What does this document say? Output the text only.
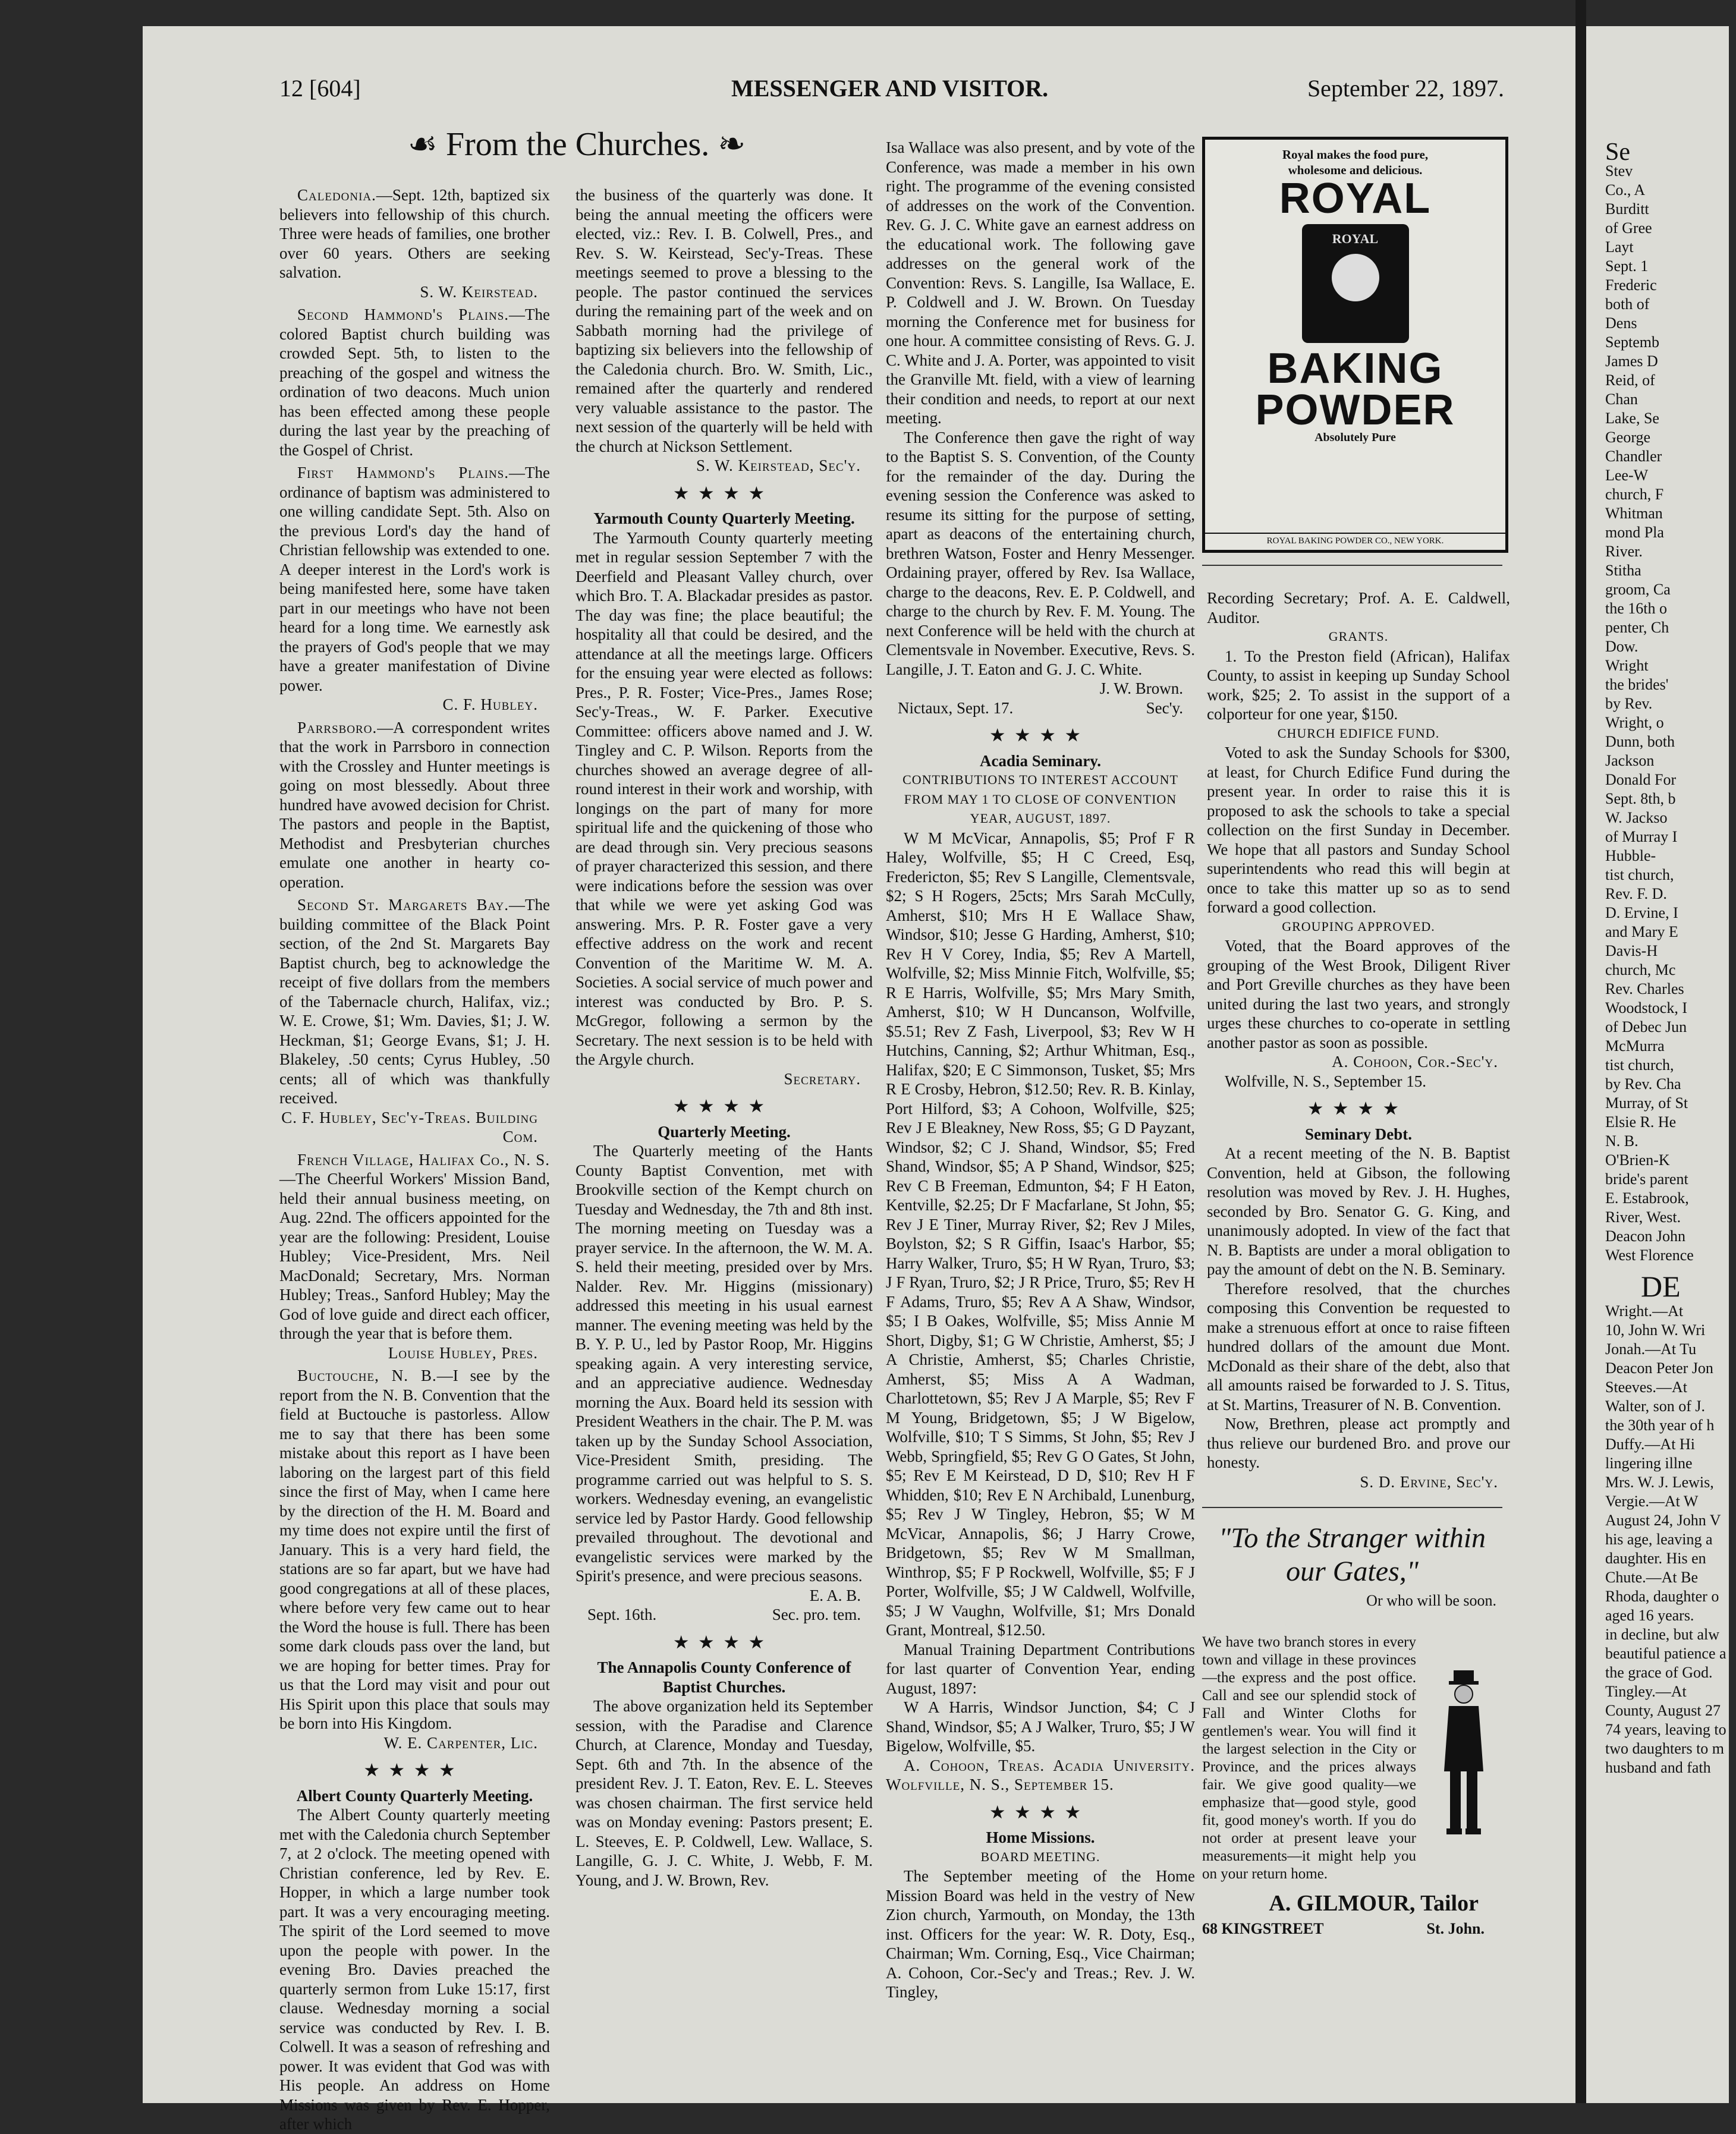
12 [604]	MESSENGER AND VISITOR.	September 22, 1897.
☙ From the Churches. ❧

Caledonia.—Sept. 12th, baptized six believers into fellowship of this church. Three were heads of families, one brother over 60 years. Others are seeking salvation.

S. W. Keirstead.

Second Hammond's Plains.—The colored Baptist church building was crowded Sept. 5th, to listen to the preaching of the gospel and witness the ordination of two deacons. Much union has been effected among these people during the last year by the preaching of the Gospel of Christ.

First Hammond's Plains.—The ordinance of baptism was administered to one willing candidate Sept. 5th. Also on the previous Lord's day the hand of Christian fellowship was extended to one. A deeper interest in the Lord's work is being manifested here, some have taken part in our meetings who have not been heard for a long time. We earnestly ask the prayers of God's people that we may have a greater manifestation of Divine power.

C. F. Hubley.

Parrsboro.—A correspondent writes that the work in Parrsboro in connection with the Crossley and Hunter meetings is going on most blessedly. About three hundred have avowed decision for Christ. The pastors and people in the Baptist, Methodist and Presbyterian churches emulate one another in hearty co-operation.

Second St. Margarets Bay.—The building committee of the Black Point section, of the 2nd St. Margarets Bay Baptist church, beg to acknowledge the receipt of five dollars from the members of the Tabernacle church, Halifax, viz.; W. E. Crowe, $1; Wm. Davies, $1; J. W. Heckman, $1; George Evans, $1; J. H. Blakeley, .50 cents; Cyrus Hubley, .50 cents; all of which was thankfully received.

C. F. Hubley, Sec'y-Treas. Building Com.

French Village, Halifax Co., N. S.—The Cheerful Workers' Mission Band, held their annual business meeting, on Aug. 22nd. The officers appointed for the year are the following: President, Louise Hubley; Vice-President, Mrs. Neil MacDonald; Secretary, Mrs. Norman Hubley; Treas., Sanford Hubley; May the God of love guide and direct each officer, through the year that is before them.

Louise Hubley, Pres.

Buctouche, N. B.—I see by the report from the N. B. Convention that the field at Buctouche is pastorless. Allow me to say that there has been some mistake about this report as I have been laboring on the largest part of this field since the first of May, when I came here by the direction of the H. M. Board and my time does not expire until the first of January. This is a very hard field, the stations are so far apart, but we have had good congregations at all of these places, where before very few came out to hear the Word the house is full. There has been some dark clouds pass over the land, but we are hoping for better times. Pray for us that the Lord may visit and pour out His Spirit upon this place that souls may be born into His Kingdom.

W. E. Carpenter, Lic.
★★★★

Albert County Quarterly Meeting.

The Albert County quarterly meeting met with the Caledonia church September 7, at 2 o'clock. The meeting opened with Christian conference, led by Rev. E. Hopper, in which a large number took part. It was a very encouraging meeting. The spirit of the Lord seemed to move upon the people with power. In the evening Bro. Davies preached the quarterly sermon from Luke 15:17, first clause. Wednesday morning a social service was conducted by Rev. I. B. Colwell. It was a season of refreshing and power. It was evident that God was with His people. An address on Home Missions was given by Rev. E. Hopper, after which

the business of the quarterly was done. It being the annual meeting the officers were elected, viz.: Rev. I. B. Colwell, Pres., and Rev. S. W. Keirstead, Sec'y-Treas. These meetings seemed to prove a blessing to the people. The pastor continued the services during the remaining part of the week and on Sabbath morning had the privilege of baptizing six believers into the fellowship of the Caledonia church. Bro. W. Smith, Lic., remained after the quarterly and rendered very valuable assistance to the pastor. The next session of the quarterly will be held with the church at Nickson Settlement.

S. W. Keirstead, Sec'y.
★★★★

Yarmouth County Quarterly Meeting.

The Yarmouth County quarterly meeting met in regular session September 7 with the Deerfield and Pleasant Valley church, over which Bro. T. A. Blackadar presides as pastor. The day was fine; the place beautiful; the hospitality all that could be desired, and the attendance at all the meetings large. Officers for the ensuing year were elected as follows: Pres., P. R. Foster; Vice-Pres., James Rose; Sec'y-Treas., W. F. Parker. Executive Committee: officers above named and J. W. Tingley and C. P. Wilson. Reports from the churches showed an average degree of all-round interest in their work and worship, with longings on the part of many for more spiritual life and the quickening of those who are dead through sin. Very precious seasons of prayer characterized this session, and there were indications before the session was over that while we were yet asking God was answering. Mrs. P. R. Foster gave a very effective address on the work and recent Convention of the Maritime W. M. A. Societies. A social service of much power and interest was conducted by Bro. P. S. McGregor, following a sermon by the Secretary. The next session is to be held with the Argyle church.

Secretary.
★★★★

Quarterly Meeting.

The Quarterly meeting of the Hants County Baptist Convention, met with Brookville section of the Kempt church on Tuesday and Wednesday, the 7th and 8th inst. The morning meeting on Tuesday was a prayer service. In the afternoon, the W. M. A. S. held their meeting, presided over by Mrs. Nalder. Rev. Mr. Higgins (missionary) addressed this meeting in his usual earnest manner. The evening meeting was held by the B. Y. P. U., led by Pastor Roop, Mr. Higgins speaking again. A very interesting service, and an appreciative audience. Wednesday morning the Aux. Board held its session with President Weathers in the chair. The P. M. was taken up by the Sunday School Association, Vice-President Smith, presiding. The programme carried out was helpful to S. S. workers. Wednesday evening, an evangelistic service led by Pastor Hardy. Good fellowship prevailed throughout. The devotional and evangelistic services were marked by the Spirit's presence, and were precious seasons.

E. A. B.
Sept. 16th.	Sec. pro. tem.
★★★★

The Annapolis County Conference of Baptist Churches.

The above organization held its September session, with the Paradise and Clarence Church, at Clarence, Monday and Tuesday, Sept. 6th and 7th. In the absence of the president Rev. J. T. Eaton, Rev. E. L. Steeves was chosen chairman. The first service held was on Monday evening: Pastors present; E. L. Steeves, E. P. Coldwell, Lew. Wallace, S. Langille, G. J. C. White, J. Webb, F. M. Young, and J. W. Brown, Rev.

Isa Wallace was also present, and by vote of the Conference, was made a member in his own right. The programme of the evening consisted of addresses on the work of the Convention. Rev. G. J. C. White gave an earnest address on the educational work. The following gave addresses on the general work of the Convention: Revs. S. Langille, Isa Wallace, E. P. Coldwell and J. W. Brown. On Tuesday morning the Conference met for business for one hour. A committee consisting of Revs. G. J. C. White and J. A. Porter, was appointed to visit the Granville Mt. field, with a view of learning their condition and needs, to report at our next meeting.

The Conference then gave the right of way to the Baptist S. S. Convention, of the County for the remainder of the day. During the evening session the Conference was asked to resume its sitting for the purpose of setting, apart as deacons of the entertaining church, brethren Watson, Foster and Henry Messenger. Ordaining prayer, offered by Rev. Isa Wallace, charge to the deacons, Rev. E. P. Coldwell, and charge to the church by Rev. F. M. Young. The next Conference will be held with the church at Clementsvale in November. Executive, Revs. S. Langille, J. T. Eaton and G. J. C. White.

J. W. Brown.
Nictaux, Sept. 17.	Sec'y.
★★★★

Acadia Seminary.

CONTRIBUTIONS TO INTEREST ACCOUNT FROM MAY 1 TO CLOSE OF CONVENTION YEAR, AUGUST, 1897.

W M McVicar, Annapolis, $5; Prof F R Haley, Wolfville, $5; H C Creed, Esq, Fredericton, $5; Rev S Langille, Clementsvale, $2; S H Rogers, 25cts; Mrs Sarah McCully, Amherst, $10; Mrs H E Wallace Shaw, Windsor, $10; Jesse G Harding, Amherst, $10; Rev H V Corey, India, $5; Rev A Martell, Wolfville, $2; Miss Minnie Fitch, Wolfville, $5; R E Harris, Wolfville, $5; Mrs Mary Smith, Amherst, $10; W H Duncanson, Wolfville, $5.51; Rev Z Fash, Liverpool, $3; Rev W H Hutchins, Canning, $2; Arthur Whitman, Esq., Halifax, $20; E C Simmonson, Tusket, $5; Mrs R E Crosby, Hebron, $12.50; Rev. R. B. Kinlay, Port Hilford, $3; A Cohoon, Wolfville, $25; Rev J E Bleakney, New Ross, $5; G D Payzant, Windsor, $2; C J. Shand, Windsor, $5; Fred Shand, Windsor, $5; A P Shand, Windsor, $25; Rev C B Freeman, Edmunton, $4; F H Eaton, Kentville, $2.25; Dr F Macfarlane, St John, $5; Rev J E Tiner, Murray River, $2; Rev J Miles, Boylston, $2; S R Giffin, Isaac's Harbor, $5; Harry Walker, Truro, $5; H W Ryan, Truro, $3; J F Ryan, Truro, $2; J R Price, Truro, $5; Rev H F Adams, Truro, $5; Rev A A Shaw, Windsor, $5; I B Oakes, Wolfville, $5; Miss Annie M Short, Digby, $1; G W Christie, Amherst, $5; J A Christie, Amherst, $5; Charles Christie, Amherst, $5; Miss A A Wadman, Charlottetown, $5; Rev J A Marple, $5; Rev F M Young, Bridgetown, $5; J W Bigelow, Wolfville, $10; T S Simms, St John, $5; Rev J Webb, Springfield, $5; Rev G O Gates, St John, $5; Rev E M Keirstead, D D, $10; Rev H F Whidden, $10; Rev E N Archibald, Lunenburg, $5; Rev J W Tingley, Hebron, $5; W M McVicar, Annapolis, $6; J Harry Crowe, Bridgetown, $5; Rev W M Smallman, Winthrop, $5; F P Rockwell, Wolfville, $5; F J Porter, Wolfville, $5; J W Caldwell, Wolfville, $5; J W Vaughn, Wolfville, $1; Mrs Donald Grant, Montreal, $12.50.

Manual Training Department Contributions for last quarter of Convention Year, ending August, 1897:

W A Harris, Windsor Junction, $4; C J Shand, Windsor, $5; A J Walker, Truro, $5; J W Bigelow, Wolfville, $5.

A. Cohoon, Treas. Acadia University. Wolfville, N. S., September 15.

★★★★

Home Missions.

BOARD MEETING.

The September meeting of the Home Mission Board was held in the vestry of New Zion church, Yarmouth, on Monday, the 13th inst. Officers for the year: W. R. Doty, Esq., Chairman; Wm. Corning, Esq., Vice Chairman; A. Cohoon, Cor.-Sec'y and Treas.; Rev. J. W. Tingley,

Royal makes the food pure,
wholesome and delicious.
ROYAL
ROYAL
BAKING
POWDER
Absolutely Pure
ROYAL BAKING POWDER CO., NEW YORK.

Recording Secretary; Prof. A. E. Caldwell, Auditor.

GRANTS.

1. To the Preston field (African), Halifax County, to assist in keeping up Sunday School work, $25; 2. To assist in the support of a colporteur for one year, $150.

CHURCH EDIFICE FUND.

Voted to ask the Sunday Schools for $300, at least, for Church Edifice Fund during the present year. In order to raise this it is proposed to ask the schools to take a special collection on the first Sunday in December. We hope that all pastors and Sunday School superintendents who read this will begin at once to take this matter up so as to send forward a good collection.

GROUPING APPROVED.

Voted, that the Board approves of the grouping of the West Brook, Diligent River and Port Greville churches as they have been united during the last two years, and strongly urges these churches to co-operate in settling another pastor as soon as possible.

A. Cohoon, Cor.-Sec'y.

Wolfville, N. S., September 15.

★★★★

Seminary Debt.

At a recent meeting of the N. B. Baptist Convention, held at Gibson, the following resolution was moved by Rev. J. H. Hughes, seconded by Bro. Senator G. G. King, and unanimously adopted. In view of the fact that N. B. Baptists are under a moral obligation to pay the amount of debt on the N. B. Seminary.

Therefore resolved, that the churches composing this Convention be requested to make a strenuous effort at once to raise fifteen hundred dollars of the amount due Mont. McDonald as their share of the debt, also that all amounts raised be forwarded to J. S. Titus, at St. Martins, Treasurer of N. B. Convention.

Now, Brethren, please act promptly and thus relieve our burdened Bro. and prove our honesty.

S. D. Ervine, Sec'y.
"To the Stranger within our Gates,"
Or who will be soon.
We have two branch stores in every town and village in these provinces—the express and the post office. Call and see our splendid stock of Fall and Winter Cloths for gentlemen's wear. You will find it the largest selection in the City or Province, and the prices always fair. We give good quality—we emphasize that—good style, good fit, good money's worth. If you do not order at present leave your measurements—it might help you on your return home.
A. GILMOUR, Tailor
68 KINGSTREET	St. John.
Se
Stev
Co., A
Burditt
of Gree
Layt
Sept. 1
Frederic
both of
Dens
Septemb
James D
Reid, of
Chan
Lake, Se
George
Chandler
Lee-W
church, F
Whitman
mond Pla
River.
Stitha
groom, Ca
the 16th o
penter, Ch
Dow.
Wright
the brides'
by Rev.
Wright, o
Dunn, both
Jackson
Donald For
Sept. 8th, b
W. Jackso
of Murray I
Hubble-
tist church,
Rev. F. D.
D. Ervine, I
and Mary E
Davis-H
church, Mc
Rev. Charles
Woodstock, I
of Debec Jun
McMurra
tist church,
by Rev. Cha
Murray, of St
Elsie R. He
N. B.
O'Brien-K
bride's parent
E. Estabrook,
River, West.
Deacon John
West Florence
DE
Wright.—At
10, John W. Wri
Jonah.—At Tu
Deacon Peter Jon
Steeves.—At
Walter, son of J.
the 30th year of h
Duffy.—At Hi
lingering illne
Mrs. W. J. Lewis,
Vergie.—At W
August 24, John V
his age, leaving a
daughter. His en
Chute.—At Be
Rhoda, daughter o
aged 16 years.
in decline, but alw
beautiful patience a
the grace of God.
Tingley.—At
County, August 27
74 years, leaving to
two daughters to m
husband and fath
